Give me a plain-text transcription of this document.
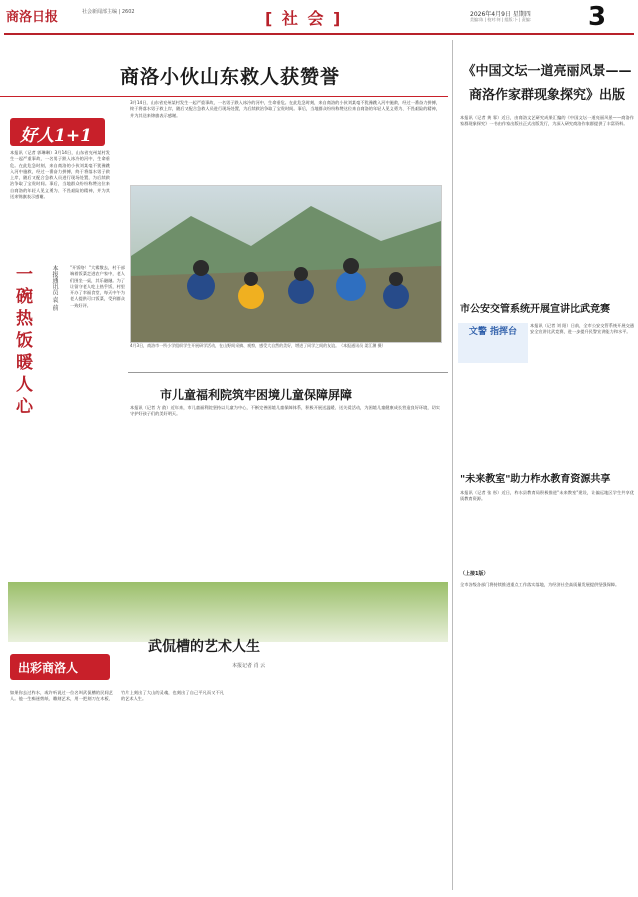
商洛日报	社会新闻部主编 | 2602	[ 社 会 ]	2026年4月9日 星期四
美编:陈 | 校对:何 | 组版:卜 | 责编: 3
商洛小伙山东救人获赞誉
好人1+1
本报讯（记者 郭琳琳）3月14日，山东省兖州某村发生一起严重事故，一名男子跌入冰冷的河中，生命垂危。在此危急时刻，来自商洛的小伙刘某毫不犹豫跳入河中施救，经过一番奋力拼搏，终于将落水男子救上岸，随后又配合急救人员进行现场处置，为后续救治争取了宝贵时间。事后，当地群众纷纷称赞这位来自商洛的年轻人见义勇为、不畏艰险的精神，并为其送来锦旗表示感谢。
一碗热饭暖人心	本报通讯员 袁 前	"开饭咯！"大雾散去，村干部端着饭菜走进农户家中，老人们围坐一桌，其乐融融。为了让留守老人吃上热乎饭，村里开办了幸福食堂，每天中午为老人提供可口饭菜，受到群众一致好评。
3月14日，山东省兖州某村发生一起严重事故，一名男子跌入冰冷的河中，生命垂危。在此危急时刻，来自商洛的小伙刘某毫不犹豫跳入河中施救，经过一番奋力拼搏，终于将落水男子救上岸，随后又配合急救人员进行现场处置，为后续救治争取了宝贵时间。事后，当地群众纷纷称赞这位来自商洛的年轻人见义勇为、不畏艰险的精神，并为其送来锦旗表示感谢。
4月3日，商洛市一所小学组织学生开展研学活动，在山野间采摘、观察，感受大自然的美好，增进了同学之间的友谊。（本报通讯员 姜江渊 摄）
市儿童福利院筑牢困境儿童保障屏障
本报讯（记者 方 韵）近年来，市儿童福利院坚持以儿童为中心，不断完善困境儿童保障体系，积极开展送温暖、送关爱活动，为困境儿童健康成长营造良好环境，切实守护好孩子们的美好明天。
《中国文坛一道亮丽风景——商洛作家群现象探究》出版
本报讯（记者 黄 霏）近日，由商洛文艺研究成果汇编的《中国文坛一道亮丽风景——商洛作家群现象探究》一书由作家出版社正式出版发行，为深入研究商洛作家群提供了丰富资料。
市公安交管系统开展宣讲比武竞赛
文警 指挥台
本报讯（记者 刘 阳）日前，全市公安交管系统开展交通安全宣讲比武竞赛，进一步提升民警宣讲能力和水平。
"未来教室"助力柞水教育资源共享
本报讯（记者 张 彤）近日，柞水县教育局积极推进"未来教室"建设，让偏远地区学生共享优质教育资源。
（上接1版）
全市各级各部门将持续推进重点工作落实落地，为经济社会高质量发展提供坚强保障。
武侃槽的艺术人生
本报记者 肖 云
出彩商洛人
如果你去过柞水，或许听说过一位名叫武侃槽的民间艺人。他一生痴迷剪纸、雕刻艺术，用一把刻刀在木板、竹片上刻出了大山的灵魂，也刻出了自己平凡而又不凡的艺术人生。
